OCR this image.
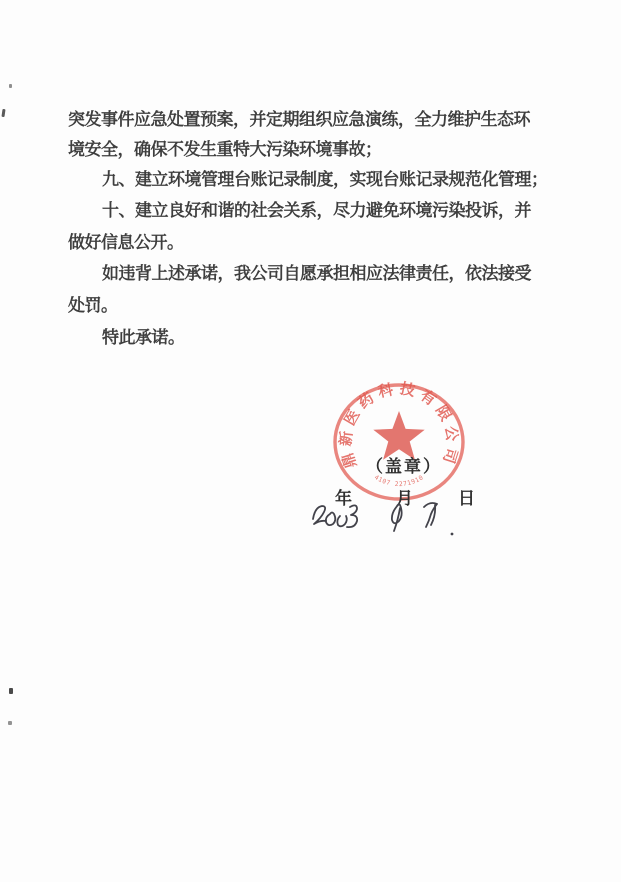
突发事件应急处置预案，并定期组织应急演练，全力维护生态环
境安全，确保不发生重特大污染环境事故；
九、建立环境管理台账记录制度，实现台账记录规范化管理；
十、建立良好和谐的社会关系，尽力避免环境污染投诉，并
做好信息公开。
如违背上述承诺，我公司自愿承担相应法律责任，依法接受
处罚。
特此承诺。
鼎新医药科技有限公司
4107 2271910
（盖章）
年	月	日
